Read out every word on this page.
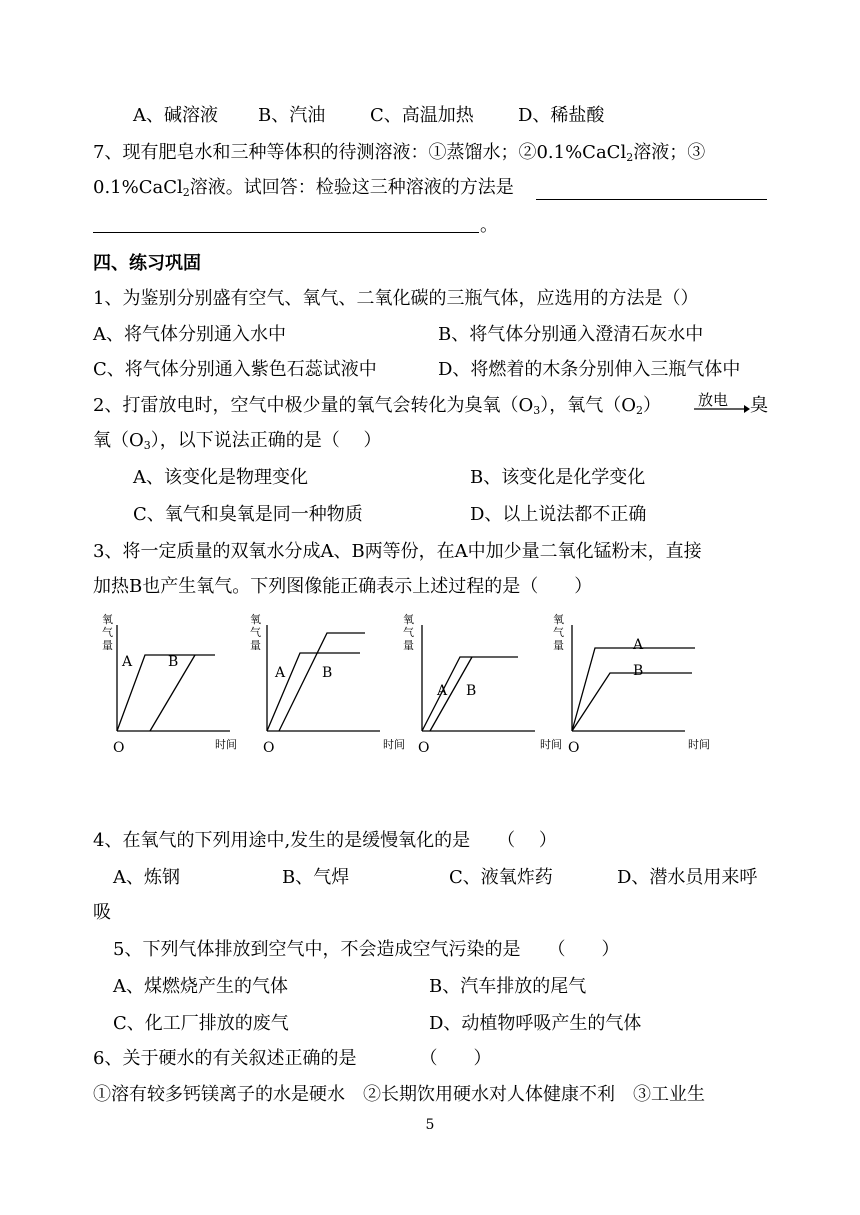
A、碱溶液 B、汽油 C、高温加热 D、稀盐酸
7、现有肥皂水和三种等体积的待测溶液：①蒸馏水；②0.1%CaCl$_2$溶液；③
0.1%CaCl$_2$溶液。试回答：检验这三种溶液的方法是
。
四、练习巩固
1、为鉴别分别盛有空气、氧气、二氧化碳的三瓶气体，应选用的方法是（）
A、将气体分别通入水中	B、将气体分别通入澄清石灰水中
C、将气体分别通入紫色石蕊试液中	D、将燃着的木条分别伸入三瓶气体中
2、打雷放电时，空气中极少量的氧气会转化为臭氧$(O_3)$，氧气$(O_2)$ 放电 → 臭
氧$(O_3)$，以下说法正确的是（　 ）
A、该变化是物理变化	B、该变化是化学变化
C、氧气和臭氧是同一种物质	D、以上说法都不正确
3、将一定质量的双氧水分成A、B两等份，在A中加少量二氧化锰粉末，直接
加热B也产生氧气。下列图像能正确表示上述过程的是（　　）
氧
气
量
A	B
O	时间
氧
气
量
A	B
O	时间
氧
气
量
A B
O	时间
氧
气
量	A
B
O	时间
4、在氧气的下列用途中,发生的是缓慢氧化的是　　（　 ）
A、炼钢	B、气焊	C、液氧炸药	D、潜水员用来呼
吸
5、下列气体排放到空气中，不会造成空气污染的是　　（　　）
A、煤燃烧产生的气体	B、汽车排放的尾气
C、化工厂排放的废气	D、动植物呼吸产生的气体
6、关于硬水的有关叙述正确的是　　　　（　　）
①溶有较多钙镁离子的水是硬水　②长期饮用硬水对人体健康不利　③工业生
5
